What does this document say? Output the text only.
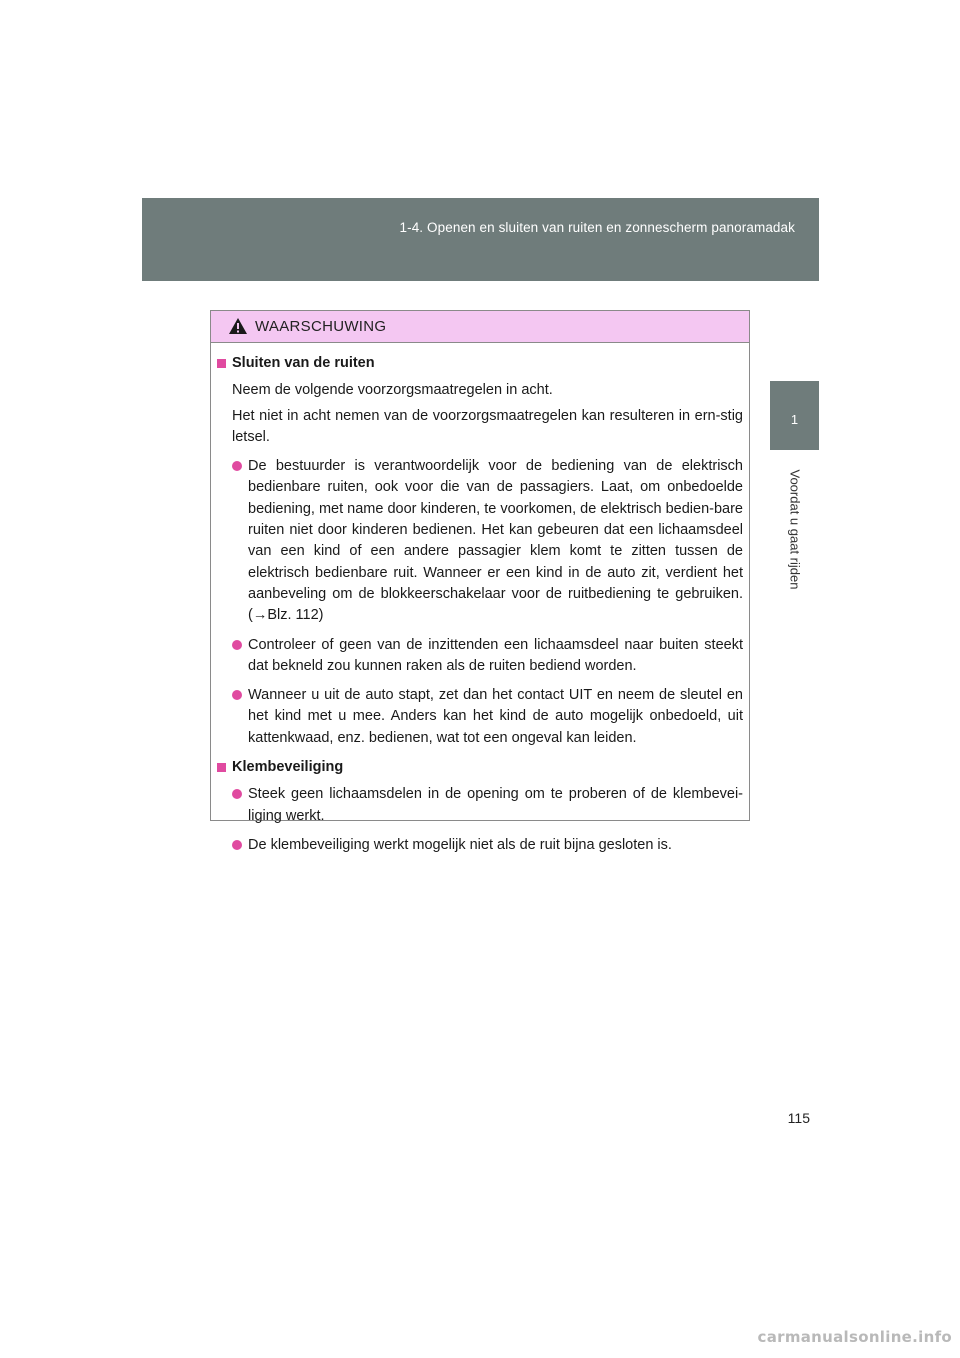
1-4. Openen en sluiten van ruiten en zonnescherm panoramadak
1
Voordat u gaat rijden
WAARSCHUWING
Sluiten van de ruiten
Neem de volgende voorzorgsmaatregelen in acht.
Het niet in acht nemen van de voorzorgsmaatregelen kan resulteren in ern-stig letsel.
De bestuurder is verantwoordelijk voor de bediening van de elektrisch bedienbare ruiten, ook voor die van de passagiers. Laat, om onbedoelde bediening, met name door kinderen, te voorkomen, de elektrisch bedien-bare ruiten niet door kinderen bedienen. Het kan gebeuren dat een lichaamsdeel van een kind of een andere passagier klem komt te zitten tussen de elektrisch bedienbare ruit. Wanneer er een kind in de auto zit, verdient het aanbeveling om de blokkeerschakelaar voor de ruitbediening te gebruiken. (→Blz. 112)
Controleer of geen van de inzittenden een lichaamsdeel naar buiten steekt dat bekneld zou kunnen raken als de ruiten bediend worden.
Wanneer u uit de auto stapt, zet dan het contact UIT en neem de sleutel en het kind met u mee. Anders kan het kind de auto mogelijk onbedoeld, uit kattenkwaad, enz. bedienen, wat tot een ongeval kan leiden.
Klembeveiliging
Steek geen lichaamsdelen in de opening om te proberen of de klembevei-liging werkt.
De klembeveiliging werkt mogelijk niet als de ruit bijna gesloten is.
115
carmanualsonline.info
